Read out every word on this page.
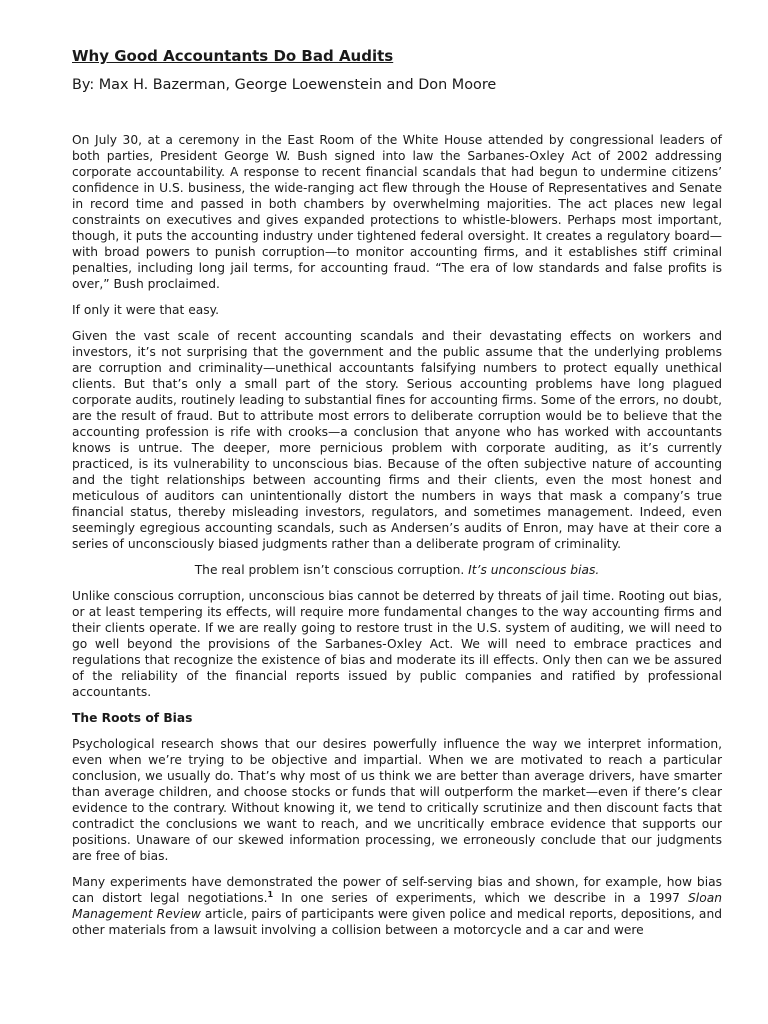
Why Good Accountants Do Bad Audits
By: Max H. Bazerman, George Loewenstein and Don Moore

On July 30, at a ceremony in the East Room of the White House attended by congressional leaders of both parties, President George W. Bush signed into law the Sarbanes-Oxley Act of 2002 addressing corporate accountability. A response to recent financial scandals that had begun to undermine citizens’ confidence in U.S. business, the wide-ranging act flew through the House of Representatives and Senate in record time and passed in both chambers by overwhelming majorities. The act places new legal constraints on executives and gives expanded protections to whistle-blowers. Perhaps most important, though, it puts the accounting industry under tightened federal oversight. It creates a regulatory board—with broad powers to punish corruption—to monitor accounting firms, and it establishes stiff criminal penalties, including long jail terms, for accounting fraud. “The era of low standards and false profits is over,” Bush proclaimed.

If only it were that easy.

Given the vast scale of recent accounting scandals and their devastating effects on workers and investors, it’s not surprising that the government and the public assume that the underlying problems are corruption and criminality—unethical accountants falsifying numbers to protect equally unethical clients. But that’s only a small part of the story. Serious accounting problems have long plagued corporate audits, routinely leading to substantial fines for accounting firms. Some of the errors, no doubt, are the result of fraud. But to attribute most errors to deliberate corruption would be to believe that the accounting profession is rife with crooks—a conclusion that anyone who has worked with accountants knows is untrue. The deeper, more pernicious problem with corporate auditing, as it’s currently practiced, is its vulnerability to unconscious bias. Because of the often subjective nature of accounting and the tight relationships between accounting firms and their clients, even the most honest and meticulous of auditors can unintentionally distort the numbers in ways that mask a company’s true financial status, thereby misleading investors, regulators, and sometimes management. Indeed, even seemingly egregious accounting scandals, such as Andersen’s audits of Enron, may have at their core a series of unconsciously biased judgments rather than a deliberate program of criminality.

The real problem isn’t conscious corruption. It’s unconscious bias.

Unlike conscious corruption, unconscious bias cannot be deterred by threats of jail time. Rooting out bias, or at least tempering its effects, will require more fundamental changes to the way accounting firms and their clients operate. If we are really going to restore trust in the U.S. system of auditing, we will need to go well beyond the provisions of the Sarbanes-Oxley Act. We will need to embrace practices and regulations that recognize the existence of bias and moderate its ill effects. Only then can we be assured of the reliability of the financial reports issued by public companies and ratified by professional accountants.

The Roots of Bias

Psychological research shows that our desires powerfully influence the way we interpret information, even when we’re trying to be objective and impartial. When we are motivated to reach a particular conclusion, we usually do. That’s why most of us think we are better than average drivers, have smarter than average children, and choose stocks or funds that will outperform the market—even if there’s clear evidence to the contrary. Without knowing it, we tend to critically scrutinize and then discount facts that contradict the conclusions we want to reach, and we uncritically embrace evidence that supports our positions. Unaware of our skewed information processing, we erroneously conclude that our judgments are free of bias.

Many experiments have demonstrated the power of self-serving bias and shown, for example, how bias can distort legal negotiations.$^1$ In one series of experiments, which we describe in a 1997 Sloan Management Review article, pairs of participants were given police and medical reports, depositions, and other materials from a lawsuit involving a collision between a motorcycle and a car and were
